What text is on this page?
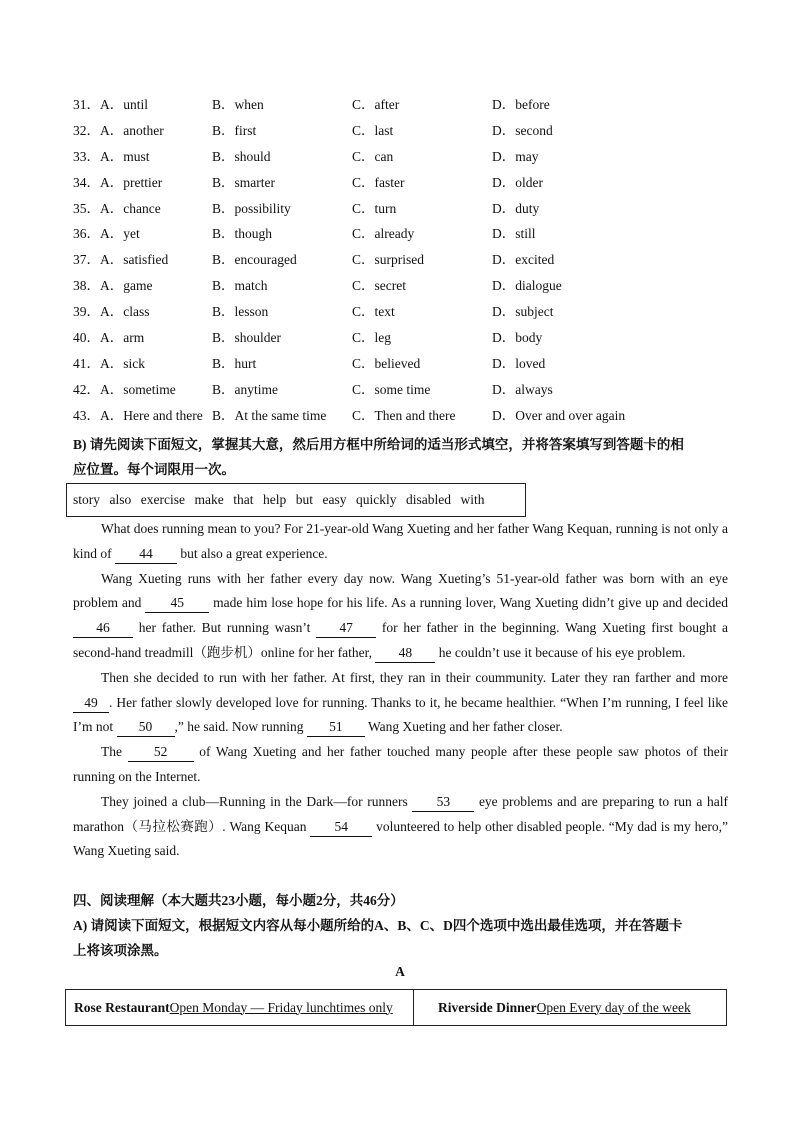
31．A．until	B．when	C．after	D．before
32．A．another	B．first	C．last	D．second
33．A．must	B．should	C．can	D．may
34．A．prettier	B．smarter	C．faster	D．older
35．A．chance	B．possibility	C．turn	D．duty
36．A．yet	B．though	C．already	D．still
37．A．satisfied	B．encouraged	C．surprised	D．excited
38．A．game	B．match	C．secret	D．dialogue
39．A．class	B．lesson	C．text	D．subject
40．A．arm	B．shoulder	C．leg	D．body
41．A．sick	B．hurt	C．believed	D．loved
42．A．sometime	B．anytime	C．some time	D．always
43．A．Here and there B．At the same time C．Then and there	D．Over and over again
B) 请先阅读下面短文，掌握其大意，然后用方框中所给词的适当形式填空，并将答案填写到答题卡的相
应位置。每个词限用一次。
story also exercise make that help but easy quickly disabled with

What does running mean to you? For 21-year-old Wang Xueting and her father Wang Kequan, running is not only a kind of 44 but also a great experience.

Wang Xueting runs with her father every day now. Wang Xueting’s 51-year-old father was born with an eye problem and 45 made him lose hope for his life. As a running lover, Wang Xueting didn’t give up and decided 46 her father. But running wasn’t 47 for her father in the beginning. Wang Xueting first bought a second-hand treadmill（跑步机）online for her father, 48 he couldn’t use it because of his eye problem.

Then she decided to run with her father. At first, they ran in their coummunity. Later they ran farther and more 49 . Her father slowly developed love for running. Thanks to it, he became healthier. “When I’m running, I feel like I’m not 50 ,” he said. Now running 51 Wang Xueting and her father closer.

The 52 of Wang Xueting and her father touched many people after these people saw photos of their running on the Internet.

They joined a club—Running in the Dark—for runners 53 eye problems and are preparing to run a half marathon（马拉松赛跑）. Wang Kequan 54 volunteered to help other disabled people. “My dad is my hero,” Wang Xueting said.

四、阅读理解（本大题共23小题，每小题2分，共46分）
A) 请阅读下面短文，根据短文内容从每小题所给的A、B、C、D四个选项中选出最佳选项，并在答题卡
上将该项涂黑。
A
Rose Restaurant Open Monday — Friday lunchtimes only	Riverside Dinner Open Every day of the week
